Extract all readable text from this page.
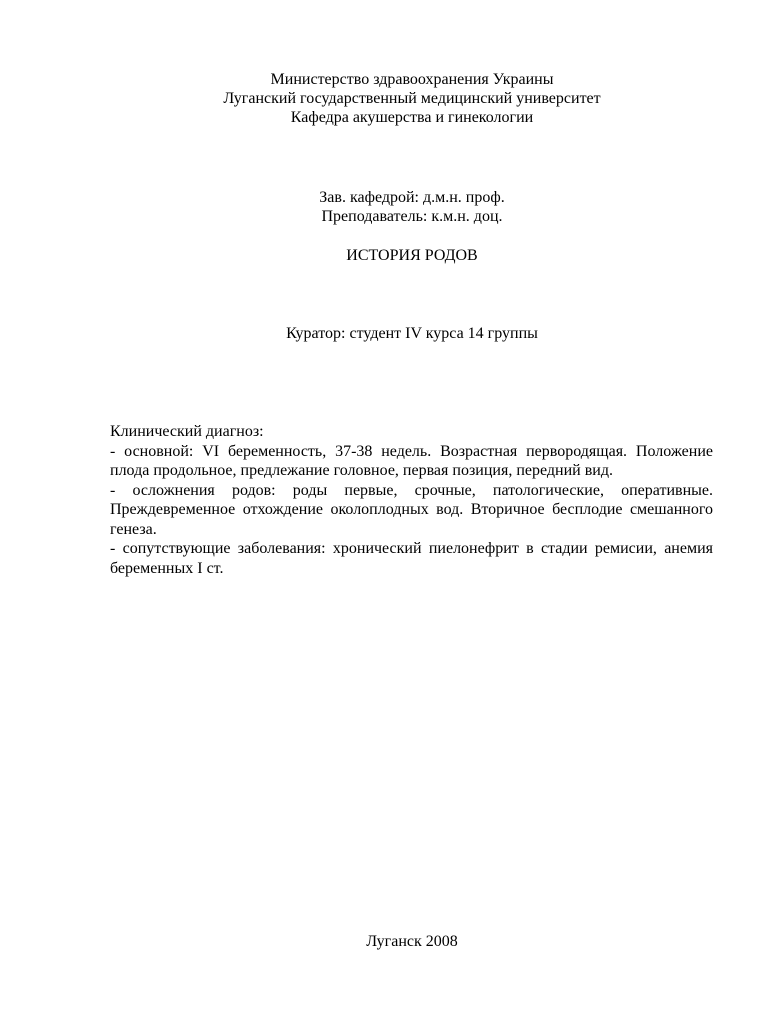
Министерство здравоохранения Украины
Луганский государственный медицинский университет
Кафедра акушерства и гинекологии
Зав. кафедрой: д.м.н. проф.
Преподаватель: к.м.н. доц.
ИСТОРИЯ РОДОВ
Куратор: студент IV курса 14 группы

Клинический диагноз:

- основной: VI беременность, 37-38 недель. Возрастная первородящая. Положение плода продольное, предлежание головное, первая позиция, передний вид.

- осложнения родов: роды первые, срочные, патологические, оперативные. Преждевременное отхождение околоплодных вод. Вторичное бесплодие смешанного генеза.

- сопутствующие заболевания: хронический пиелонефрит в стадии ремисии, анемия беременных I ст.

Луганск 2008
